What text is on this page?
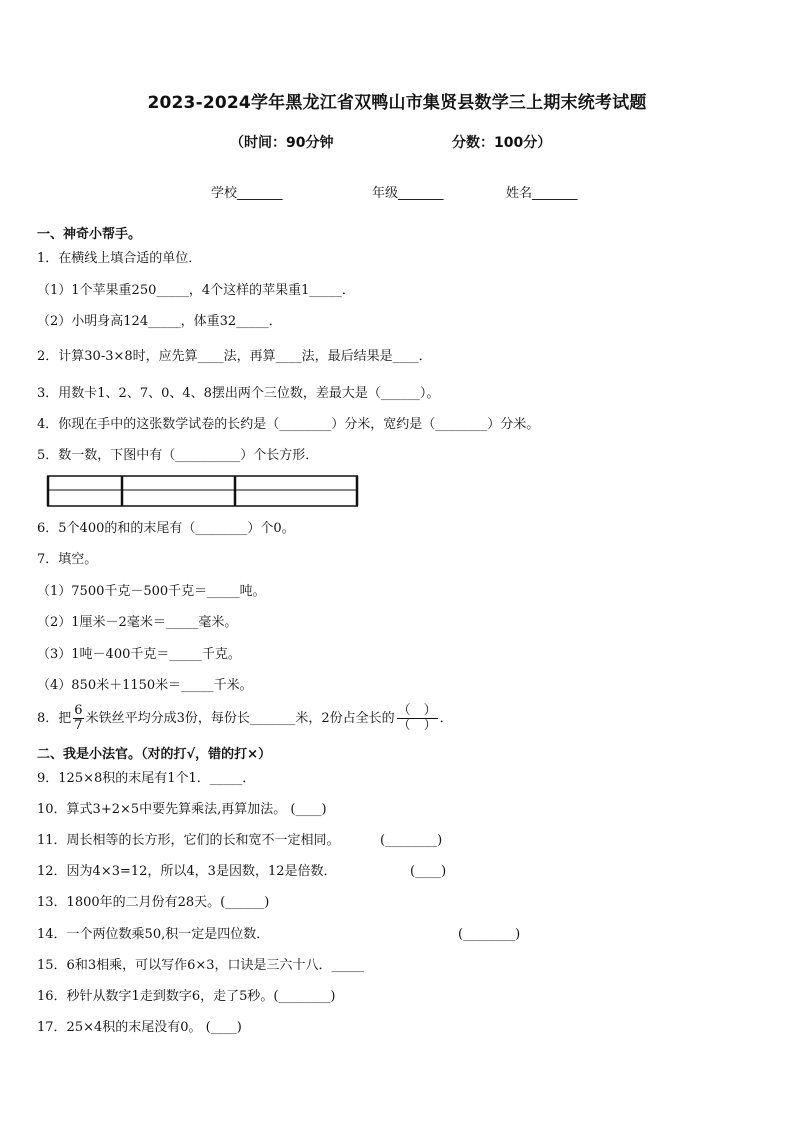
2023-2024学年黑龙江省双鸭山市集贤县数学三上期末统考试题
（时间：90分钟	分数：100分）
学校_______	年级_______	姓名_______
一、神奇小帮手。
1．在横线上填合适的单位．
（1）1个苹果重250_____，4个这样的苹果重1_____．
（2）小明身高124_____，体重32_____．
2．计算30-3×8时，应先算____法，再算____法，最后结果是____．
3．用数卡1、2、7、0、4、8摆出两个三位数，差最大是（______）。
4．你现在手中的这张数学试卷的长约是（________）分米，宽约是（________）分米。
5．数一数，下图中有（__________）个长方形．
6．5个400的和的末尾有（________）个0。
7．填空。
（1）7500千克－500千克＝_____吨。
（2）1厘米－2毫米＝_____毫米。
（3）1吨－400千克＝_____千克。
（4）850米＋1150米＝_____千米。
8．把 $\frac{6}{7}$ 米铁丝平均分成3份，每份长_______米，2份占全长的 $\frac{( )}{( )}$ ．
二、我是小法官。（对的打√，错的打×）
9．125×8积的末尾有1个1．_____．
10．算式3+2×5中要先算乘法,再算加法。 (____)
11．周长相等的长方形，它们的长和宽不一定相同。	(________)
12．因为4×3=12，所以4，3是因数，12是倍数．	(____)
13．1800年的二月份有28天。(______)
14．一个两位数乘50,积一定是四位数．	(________)
15．6和3相乘，可以写作6×3，口诀是三六十八．_____
16．秒针从数字1走到数字6，走了5秒。(________)
17．25×4积的末尾没有0。 (____)
